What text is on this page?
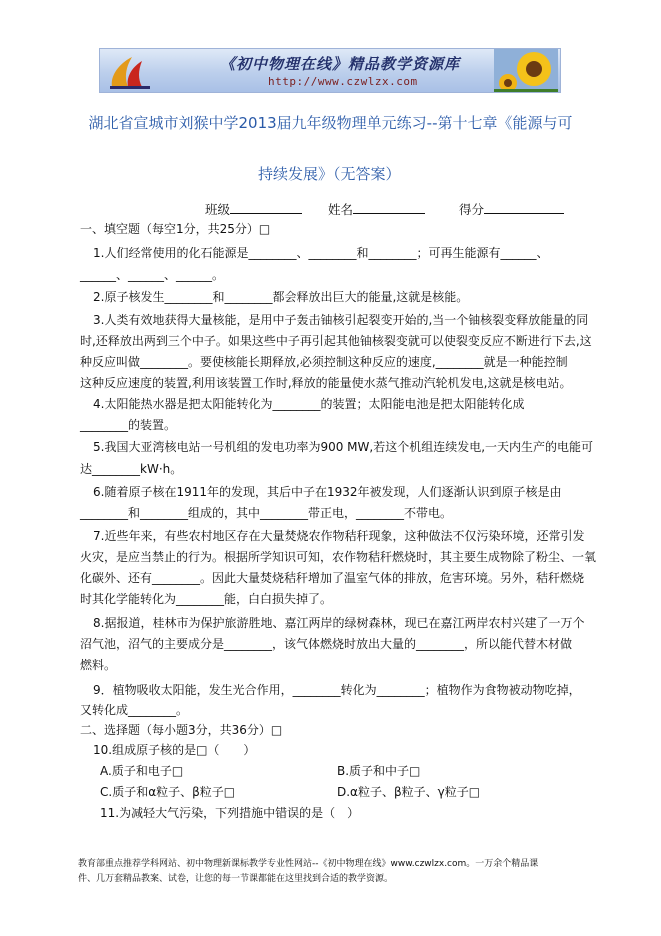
《初中物理在线》精品教学资源库
http://www.czwlzx.com
湖北省宣城市刘猴中学2013届九年级物理单元练习--第十七章《能源与可
持续发展》（无答案）
班级	姓名	得分
一、填空题（每空1分，共25分）□
1.人们经常使用的化石能源是________、________和________；可再生能源有______、
______、______、______。
2.原子核发生________和________都会释放出巨大的能量,这就是核能。
3.人类有效地获得大量核能，是用中子轰击铀核引起裂变开始的,当一个铀核裂变释放能量的同
时,还释放出两到三个中子。如果这些中子再引起其他铀核裂变就可以使裂变反应不断进行下去,这
种反应叫做________。要使核能长期释放,必须控制这种反应的速度,________就是一种能控制
这种反应速度的装置,利用该装置工作时,释放的能量使水蒸气推动汽轮机发电,这就是核电站。
4.太阳能热水器是把太阳能转化为________的装置；太阳能电池是把太阳能转化成
________的装置。
5.我国大亚湾核电站一号机组的发电功率为900 MW,若这个机组连续发电,一天内生产的电能可
达________kW·h。
6.随着原子核在1911年的发现，其后中子在1932年被发现，人们逐渐认识到原子核是由
________和________组成的，其中________带正电，________不带电。
7.近些年来，有些农村地区存在大量焚烧农作物秸秆现象，这种做法不仅污染环境，还常引发
火灾，是应当禁止的行为。根据所学知识可知，农作物秸秆燃烧时，其主要生成物除了粉尘、一氧
化碳外、还有________。因此大量焚烧秸秆增加了温室气体的排放，危害环境。另外，秸秆燃烧
时其化学能转化为________能，白白损失掉了。
8.据报道，桂林市为保护旅游胜地、嘉江两岸的绿树森林，现已在嘉江两岸农村兴建了一万个
沼气池，沼气的主要成分是________，该气体燃烧时放出大量的________，所以能代替木材做
燃料。
9．植物吸收太阳能，发生光合作用，________转化为________；植物作为食物被动物吃掉，
又转化成________。
二、选择题（每小题3分，共36分）□
10.组成原子核的是□（　　）
A.质子和电子□	B.质子和中子□
C.质子和α粒子、β粒子□	D.α粒子、β粒子、γ粒子□
11.为减轻大气污染，下列措施中错误的是（　）
教育部重点推荐学科网站、初中物理新课标教学专业性网站--《初中物理在线》www.czwlzx.com。一万余个精品课
件、几万套精品教案、试卷，让您的每一节课都能在这里找到合适的教学资源。
